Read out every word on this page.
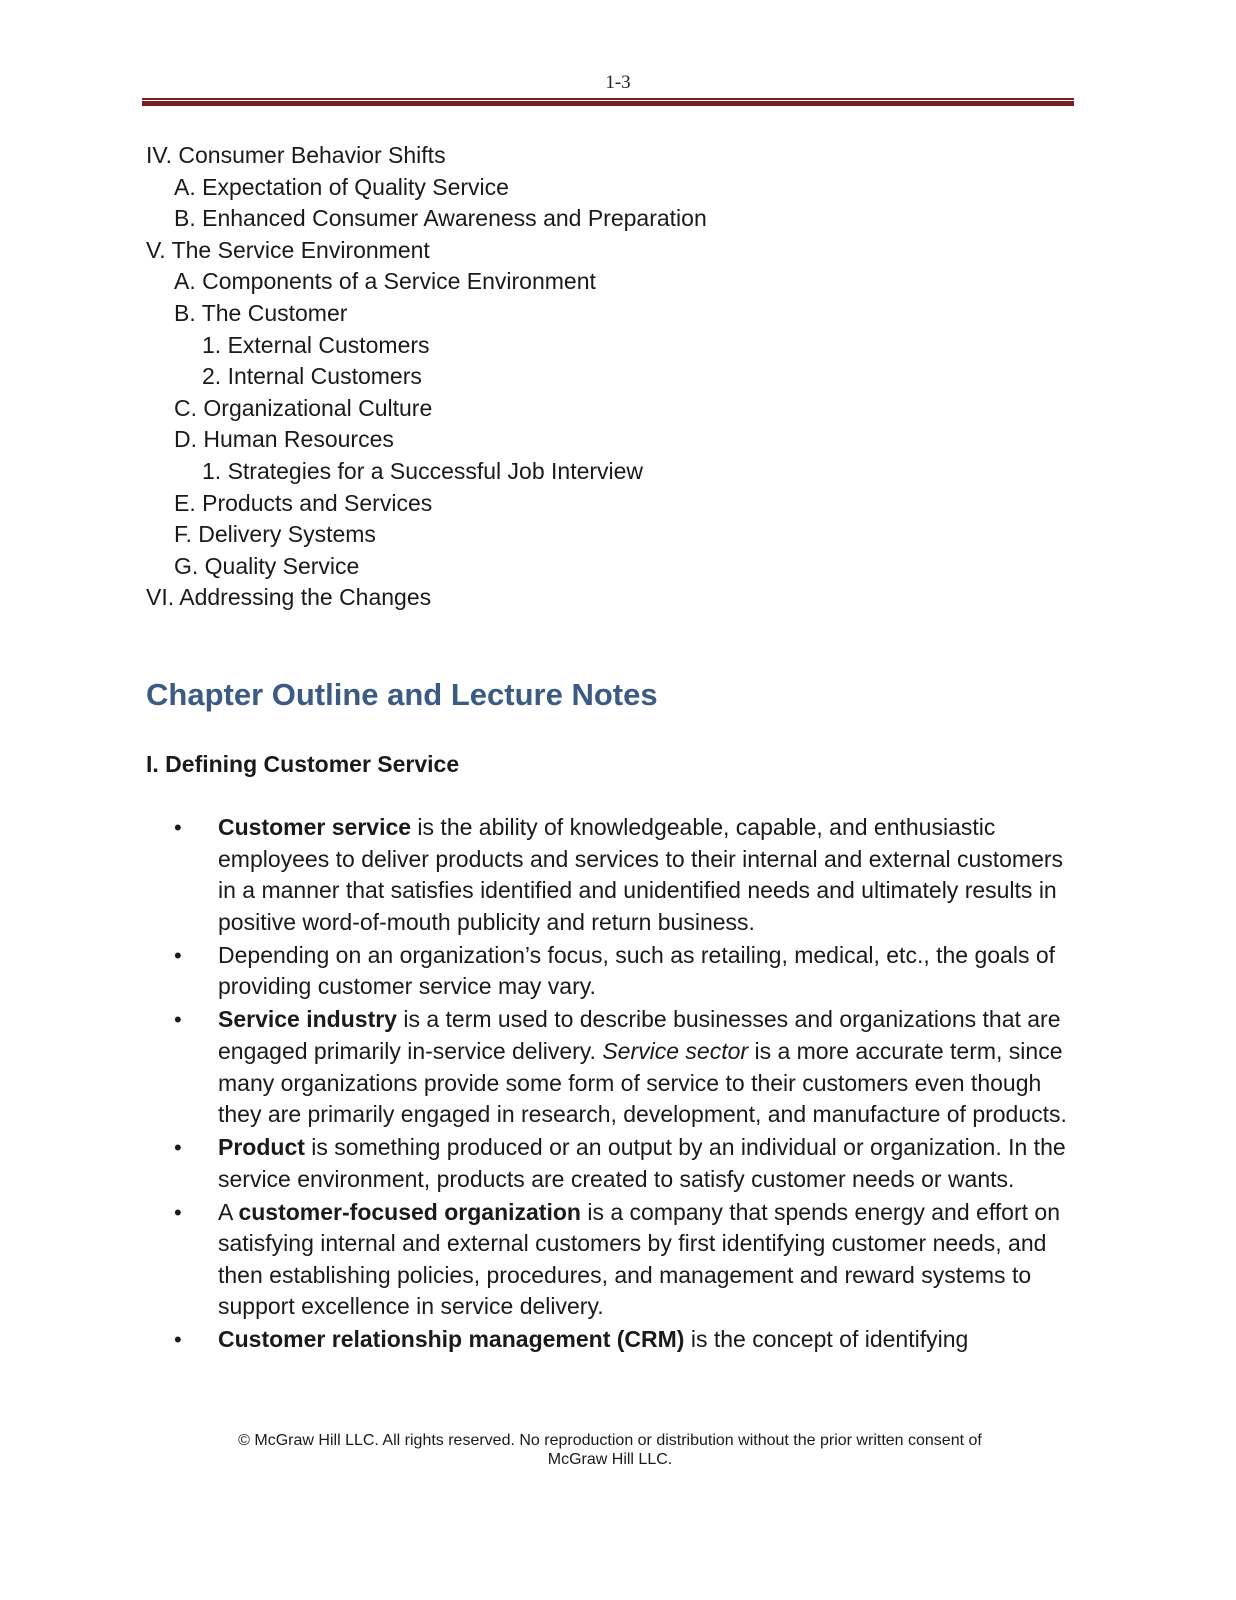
1-3
IV. Consumer Behavior Shifts
A. Expectation of Quality Service
B. Enhanced Consumer Awareness and Preparation
V. The Service Environment
A. Components of a Service Environment
B. The Customer
1. External Customers
2. Internal Customers
C. Organizational Culture
D. Human Resources
1. Strategies for a Successful Job Interview
E. Products and Services
F. Delivery Systems
G. Quality Service
VI. Addressing the Changes
Chapter Outline and Lecture Notes
I. Defining Customer Service
• Customer service is the ability of knowledgeable, capable, and enthusiastic employees to deliver products and services to their internal and external customers in a manner that satisfies identified and unidentified needs and ultimately results in positive word-of-mouth publicity and return business.
• Depending on an organization’s focus, such as retailing, medical, etc., the goals of providing customer service may vary.
• Service industry is a term used to describe businesses and organizations that are engaged primarily in-service delivery. Service sector is a more accurate term, since many organizations provide some form of service to their customers even though they are primarily engaged in research, development, and manufacture of products.
• Product is something produced or an output by an individual or organization. In the service environment, products are created to satisfy customer needs or wants.
• A customer-focused organization is a company that spends energy and effort on satisfying internal and external customers by first identifying customer needs, and then establishing policies, procedures, and management and reward systems to support excellence in service delivery.
• Customer relationship management (CRM) is the concept of identifying
© McGraw Hill LLC. All rights reserved. No reproduction or distribution without the prior written consent of
McGraw Hill LLC.
